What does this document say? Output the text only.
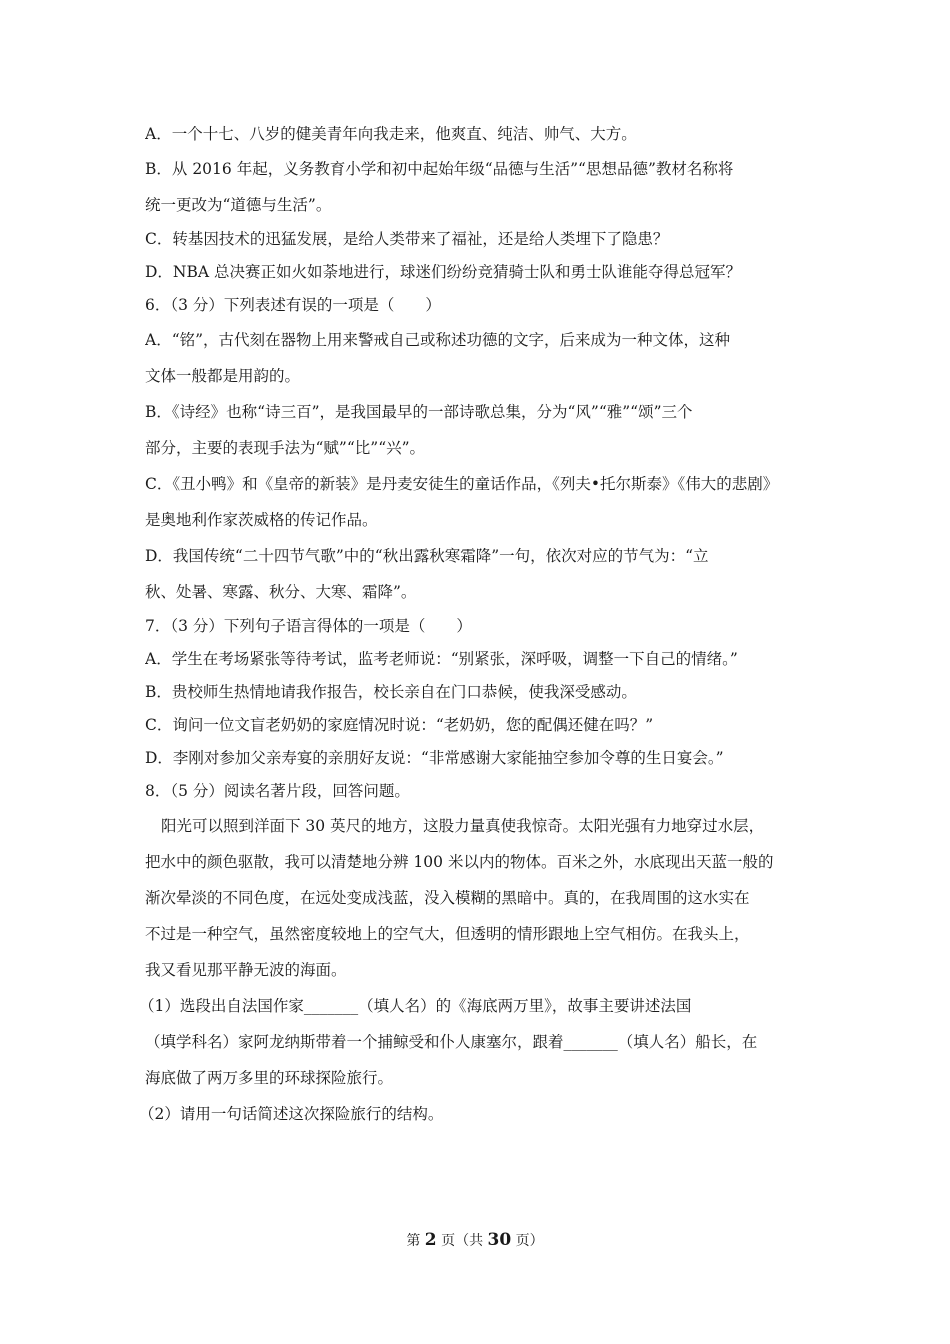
A．一个十七、八岁的健美青年向我走来，他爽直、纯洁、帅气、大方。
B．从 2016 年起，义务教育小学和初中起始年级“品德与生活”“思想品德”教材名称将
统一更改为“道德与生活”。
C．转基因技术的迅猛发展，是给人类带来了福祉，还是给人类埋下了隐患？
D．NBA 总决赛正如火如荼地进行，球迷们纷纷竞猜骑士队和勇士队谁能夺得总冠军？
6．（3 分）下列表述有误的一项是（　　）
A．“铭”，古代刻在器物上用来警戒自己或称述功德的文字，后来成为一种文体，这种
文体一般都是用韵的。
B．《诗经》也称“诗三百”，是我国最早的一部诗歌总集，分为“风”“雅”“颂”三个
部分，主要的表现手法为“赋”“比”“兴”。
C．《丑小鸭》和《皇帝的新装》是丹麦安徒生的童话作品，《列夫•托尔斯泰》《伟大的悲剧》
是奥地利作家茨威格的传记作品。
D．我国传统“二十四节气歌”中的“秋出露秋寒霜降”一句，依次对应的节气为：“立
秋、处暑、寒露、秋分、大寒、霜降”。
7．（3 分）下列句子语言得体的一项是（　　）
A．学生在考场紧张等待考试，监考老师说：“别紧张，深呼吸，调整一下自己的情绪。”
B．贵校师生热情地请我作报告，校长亲自在门口恭候，使我深受感动。
C．询问一位文盲老奶奶的家庭情况时说：“老奶奶，您的配偶还健在吗？”
D．李刚对参加父亲寿宴的亲朋好友说：“非常感谢大家能抽空参加令尊的生日宴会。”
8．（5 分）阅读名著片段，回答问题。
阳光可以照到洋面下 30 英尺的地方，这股力量真使我惊奇。太阳光强有力地穿过水层，
把水中的颜色驱散，我可以清楚地分辨 100 米以内的物体。百米之外，水底现出天蓝一般的
渐次晕淡的不同色度，在远处变成浅蓝，没入模糊的黑暗中。真的，在我周围的这水实在
不过是一种空气，虽然密度较地上的空气大，但透明的情形跟地上空气相仿。在我头上，
我又看见那平静无波的海面。
（1）选段出自法国作家_______（填人名）的《海底两万里》，故事主要讲述法国
（填学科名）家阿龙纳斯带着一个捕鲸受和仆人康塞尔，跟着_______（填人名）船长，在
海底做了两万多里的环球探险旅行。
（2）请用一句话简述这次探险旅行的结构。
第 2 页（共 30 页）
